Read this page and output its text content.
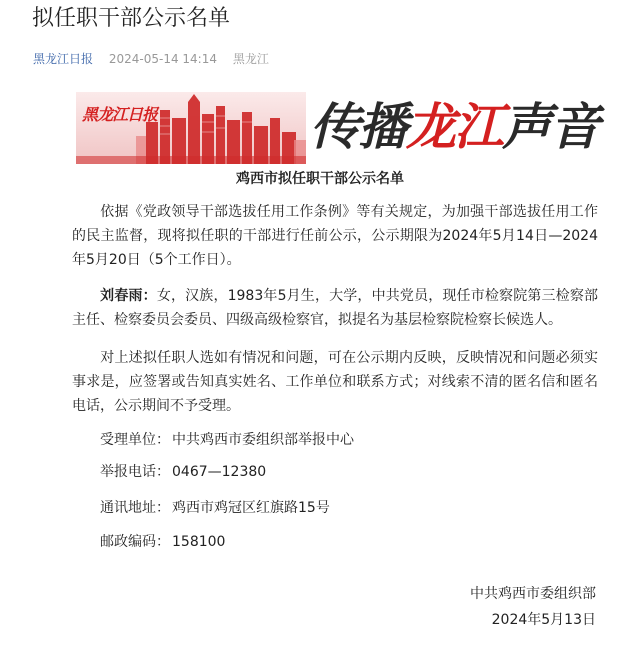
拟任职干部公示名单
黑龙江日报 2024-05-14 14:14 黑龙江
黑龙江日报	传播龙江声音
鸡西市拟任职干部公示名单

依据《党政领导干部选拔任用工作条例》等有关规定，为加强干部选拔任用工作的民主监督，现将拟任职的干部进行任前公示，公示期限为2024年5月14日—2024年5月20日（5个工作日）。

刘春雨：女，汉族，1983年5月生，大学，中共党员，现任市检察院第三检察部主任、检察委员会委员、四级高级检察官，拟提名为基层检察院检察长候选人。

对上述拟任职人选如有情况和问题，可在公示期内反映，反映情况和问题必须实事求是，应签署或告知真实姓名、工作单位和联系方式；对线索不清的匿名信和匿名电话，公示期间不予受理。

受理单位： 中共鸡西市委组织部举报中心
举报电话： 0467—12380
通讯地址： 鸡西市鸡冠区红旗路15号
邮政编码： 158100
中共鸡西市委组织部
2024年5月13日
